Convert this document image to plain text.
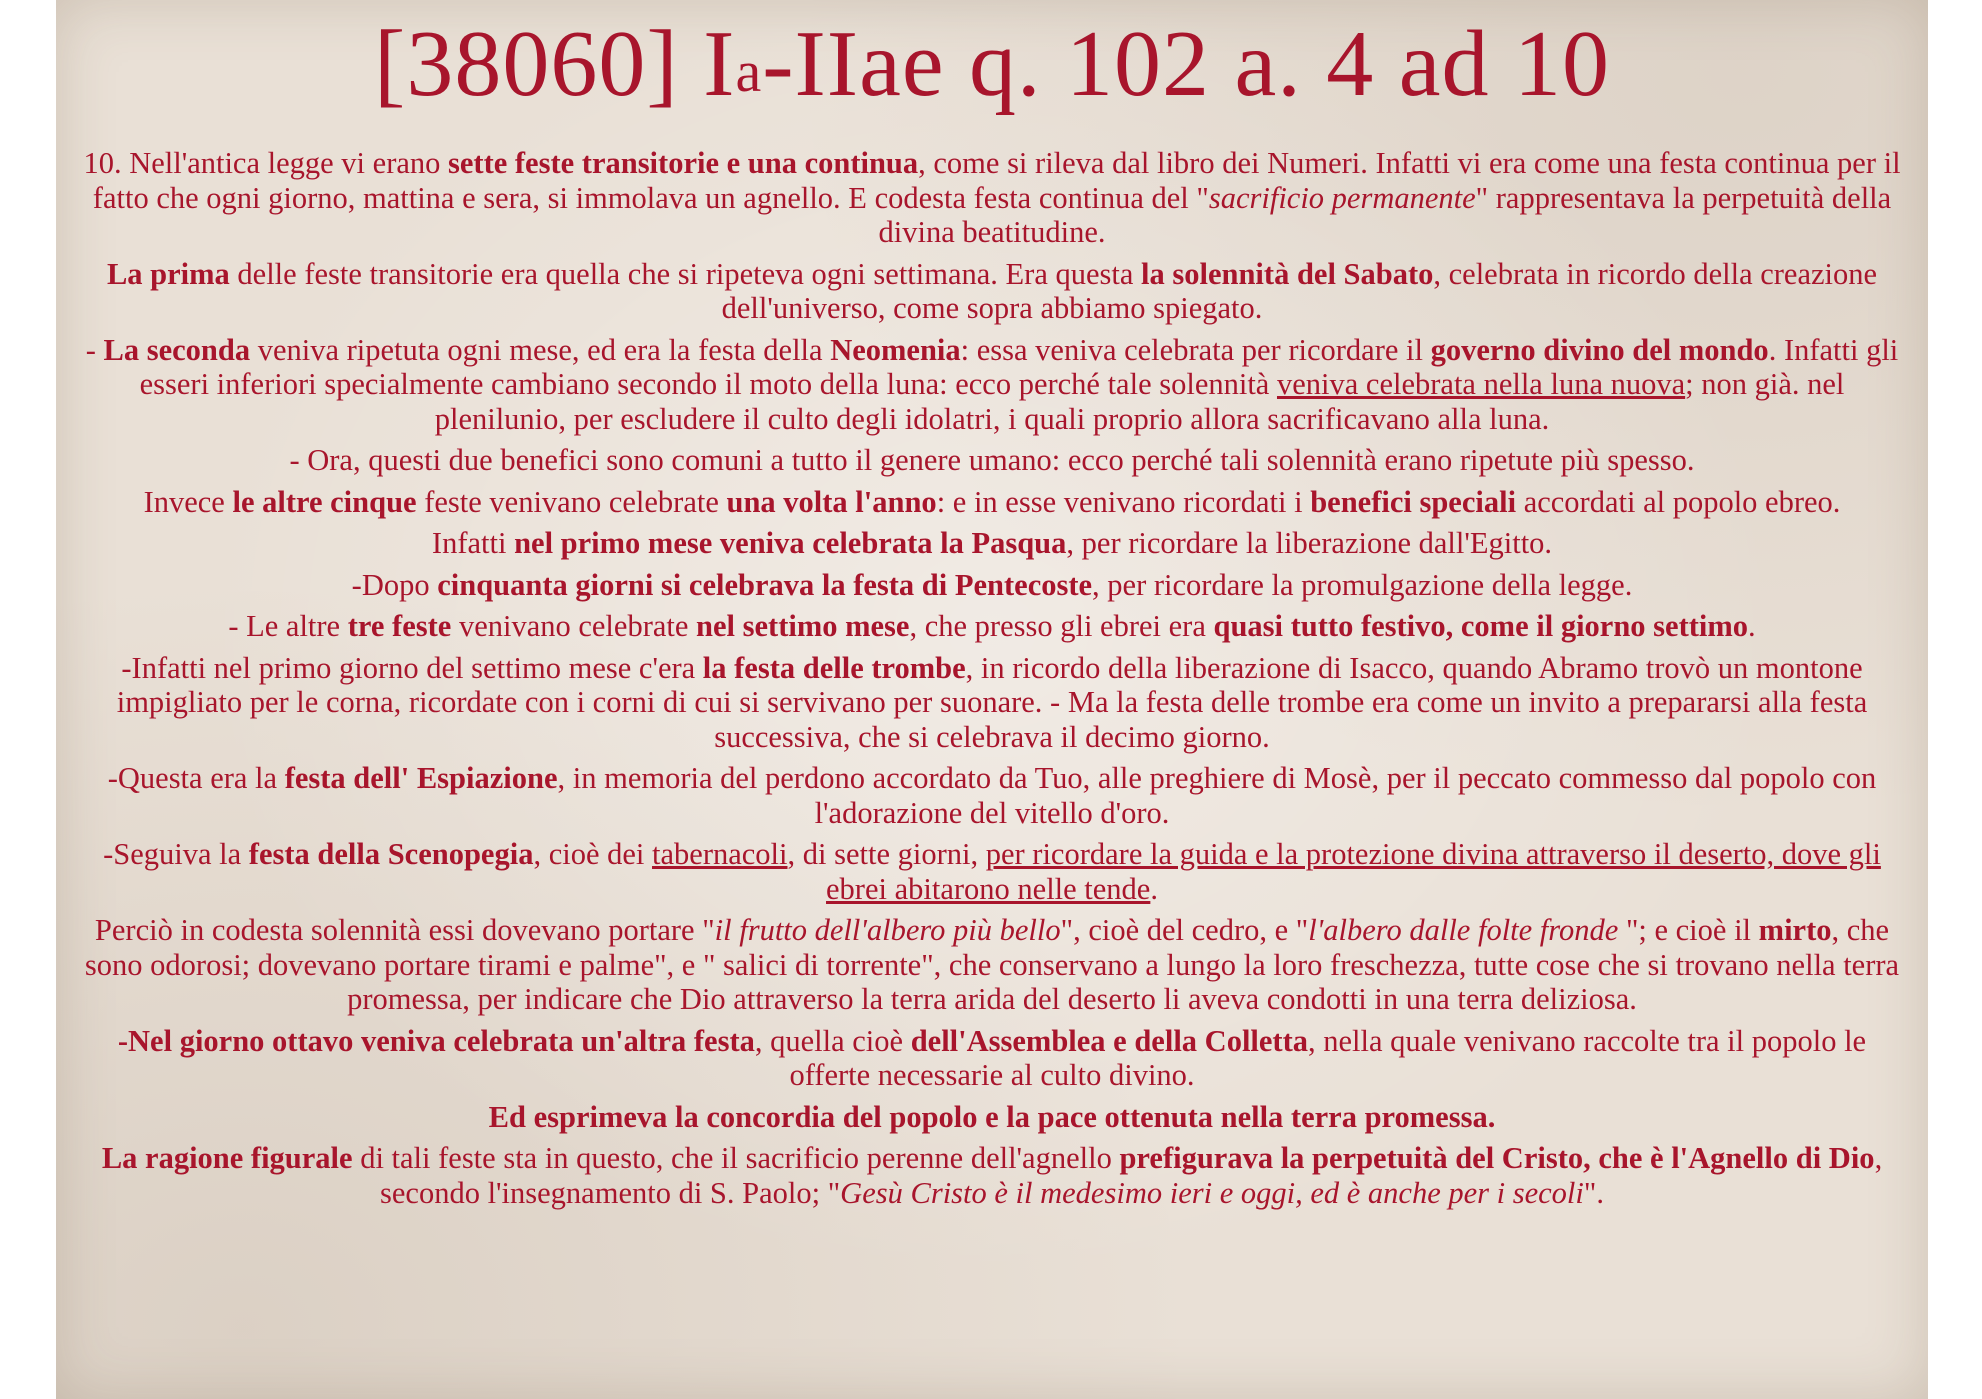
[38060] $I^a$-IIae q. 102 a. 4 ad 10

10. Nell'antica legge vi erano sette feste transitorie e una continua, come si rileva dal libro dei Numeri. Infatti vi era come una festa continua per il fatto che ogni giorno, mattina e sera, si immolava un agnello. E codesta festa continua del "sacrificio permanente" rappresentava la perpetuità della divina beatitudine.

La prima delle feste transitorie era quella che si ripeteva ogni settimana. Era questa la solennità del Sabato, celebrata in ricordo della creazione dell'universo, come sopra abbiamo spiegato.

- La seconda veniva ripetuta ogni mese, ed era la festa della Neomenia: essa veniva celebrata per ricordare il governo divino del mondo. Infatti gli esseri inferiori specialmente cambiano secondo il moto della luna: ecco perché tale solennità veniva celebrata nella luna nuova; non già. nel plenilunio, per escludere il culto degli idolatri, i quali proprio allora sacrificavano alla luna.

- Ora, questi due benefici sono comuni a tutto il genere umano: ecco perché tali solennità erano ripetute più spesso.

Invece le altre cinque feste venivano celebrate una volta l'anno: e in esse venivano ricordati i benefici speciali accordati al popolo ebreo.

Infatti nel primo mese veniva celebrata la Pasqua, per ricordare la liberazione dall'Egitto.

-Dopo cinquanta giorni si celebrava la festa di Pentecoste, per ricordare la promulgazione della legge.

- Le altre tre feste venivano celebrate nel settimo mese, che presso gli ebrei era quasi tutto festivo, come il giorno settimo.

-Infatti nel primo giorno del settimo mese c'era la festa delle trombe, in ricordo della liberazione di Isacco, quando Abramo trovò un montone impigliato per le corna, ricordate con i corni di cui si servivano per suonare. - Ma la festa delle trombe era come un invito a prepararsi alla festa successiva, che si celebrava il decimo giorno.

-Questa era la festa dell' Espiazione, in memoria del perdono accordato da Tuo, alle preghiere di Mosè, per il peccato commesso dal popolo con l'adorazione del vitello d'oro.

-Seguiva la festa della Scenopegia, cioè dei tabernacoli, di sette giorni, per ricordare la guida e la protezione divina attraverso il deserto, dove gli ebrei abitarono nelle tende.

Perciò in codesta solennità essi dovevano portare "il frutto dell'albero più bello", cioè del cedro, e "l'albero dalle folte fronde "; e cioè il mirto, che sono odorosi; dovevano portare tirami e palme", e " salici di torrente", che conservano a lungo la loro freschezza, tutte cose che si trovano nella terra promessa, per indicare che Dio attraverso la terra arida del deserto li aveva condotti in una terra deliziosa.

-Nel giorno ottavo veniva celebrata un'altra festa, quella cioè dell'Assemblea e della Colletta, nella quale venivano raccolte tra il popolo le offerte necessarie al culto divino.

Ed esprimeva la concordia del popolo e la pace ottenuta nella terra promessa.

La ragione figurale di tali feste sta in questo, che il sacrificio perenne dell'agnello prefigurava la perpetuità del Cristo, che è l'Agnello di Dio, secondo l'insegnamento di S. Paolo; "Gesù Cristo è il medesimo ieri e oggi, ed è anche per i secoli".
